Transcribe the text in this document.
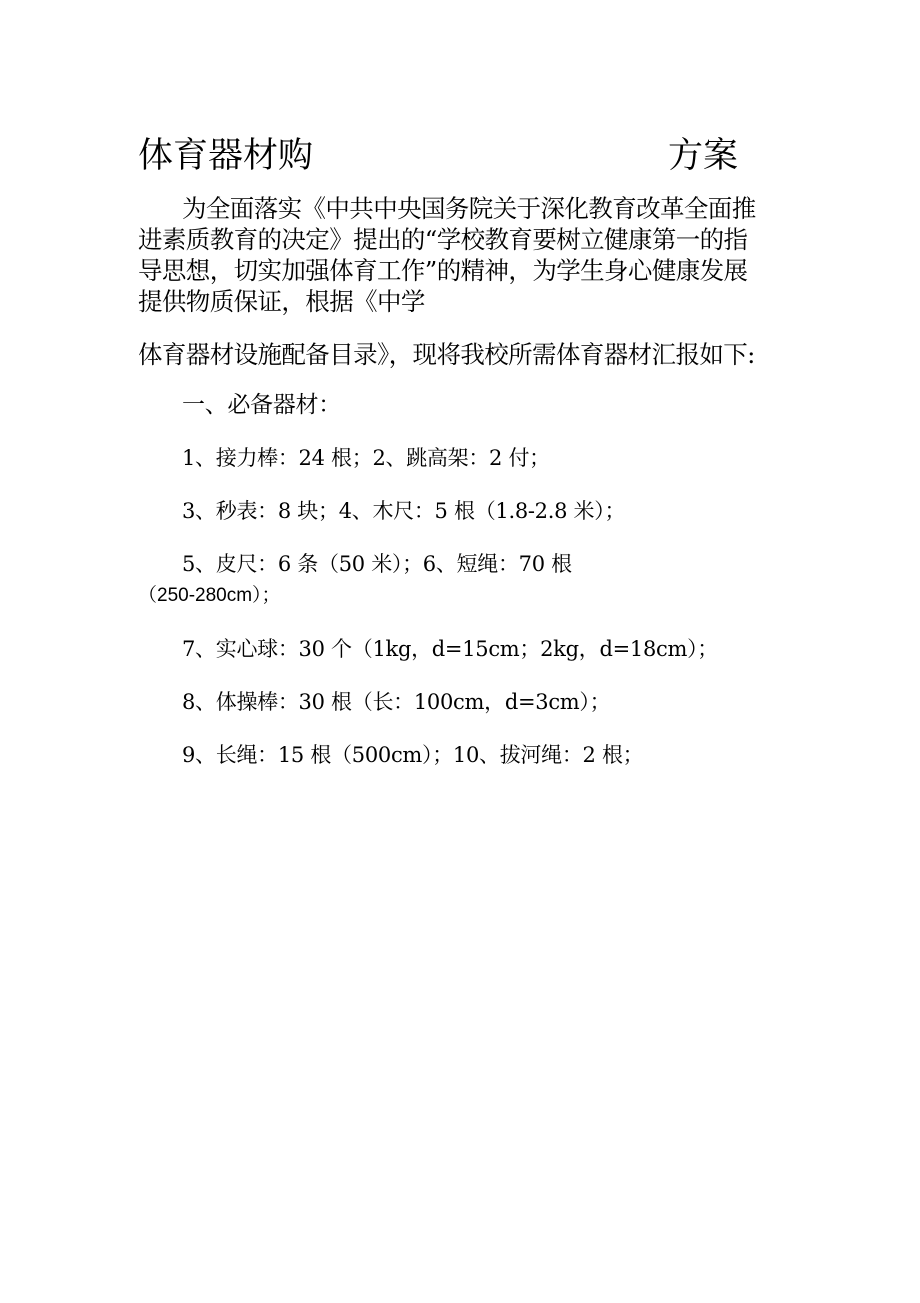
体育器材购	方案

为全面落实《中共中央国务院关于深化教育改革全面推进素质教育的决定》提出的“学校教育要树立健康第一的指导思想，切实加强体育工作”的精神，为学生身心健康发展提供物质保证，根据《中学

体育器材设施配备目录》，现将我校所需体育器材汇报如下:

一、必备器材：
1、接力棒：24 根；2、跳高架：2 付；
3、秒表：8 块；4、木尺：5 根（1.8-2.8 米）；
5、皮尺：6 条（50 米）；6、短绳：70 根
（250-280cm）；
7、实心球：30 个（1kg，d=15cm；2kg，d=18cm）；
8、体操棒：30 根（长：100cm，d=3cm）；
9、长绳：15 根（500cm）；10、拔河绳：2 根；
